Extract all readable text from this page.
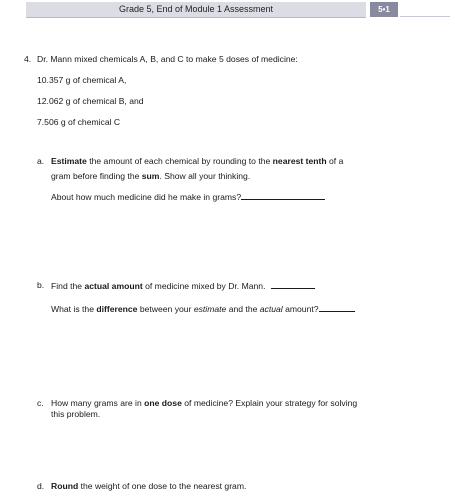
Grade 5, End of Module 1 Assessment	5•1
4. Dr. Mann mixed chemicals A, B, and C to make 5 doses of medicine:
10.357 g of chemical A,
12.062 g of chemical B, and
7.506 g of chemical C
a. Estimate the amount of each chemical by rounding to the nearest tenth of a
gram before finding the sum. Show all your thinking.
About how much medicine did he make in grams?
b. Find the actual amount of medicine mixed by Dr. Mann.
What is the difference between your estimate and the actual amount?
c. How many grams are in one dose of medicine? Explain your strategy for solving
this problem.
d. Round the weight of one dose to the nearest gram.
